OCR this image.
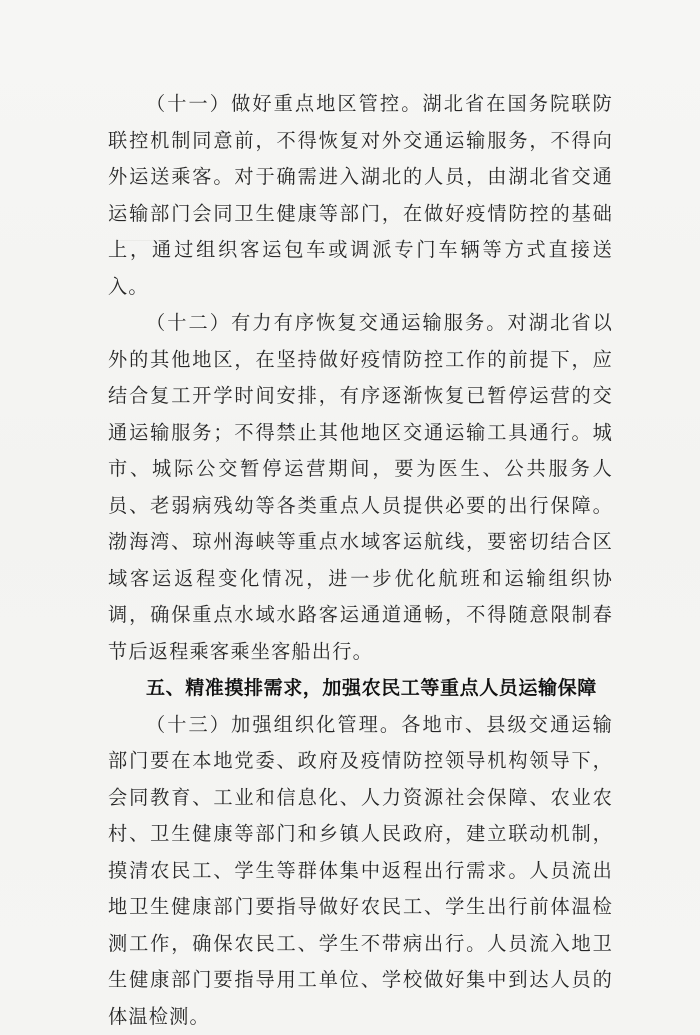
（十一）做好重点地区管控。湖北省在国务院联防联控机制同意前，不得恢复对外交通运输服务，不得向外运送乘客。对于确需进入湖北的人员，由湖北省交通运输部门会同卫生健康等部门，在做好疫情防控的基础上，通过组织客运包车或调派专门车辆等方式直接送入。

（十二）有力有序恢复交通运输服务。对湖北省以外的其他地区，在坚持做好疫情防控工作的前提下，应结合复工开学时间安排，有序逐渐恢复已暂停运营的交通运输服务；不得禁止其他地区交通运输工具通行。城市、城际公交暂停运营期间，要为医生、公共服务人员、老弱病残幼等各类重点人员提供必要的出行保障。渤海湾、琼州海峡等重点水域客运航线，要密切结合区域客运返程变化情况，进一步优化航班和运输组织协调，确保重点水域水路客运通道通畅，不得随意限制春节后返程乘客乘坐客船出行。

五、精准摸排需求，加强农民工等重点人员运输保障

（十三）加强组织化管理。各地市、县级交通运输部门要在本地党委、政府及疫情防控领导机构领导下，会同教育、工业和信息化、人力资源社会保障、农业农村、卫生健康等部门和乡镇人民政府，建立联动机制，摸清农民工、学生等群体集中返程出行需求。人员流出地卫生健康部门要指导做好农民工、学生出行前体温检测工作，确保农民工、学生不带病出行。人员流入地卫生健康部门要指导用工单位、学校做好集中到达人员的体温检测。
